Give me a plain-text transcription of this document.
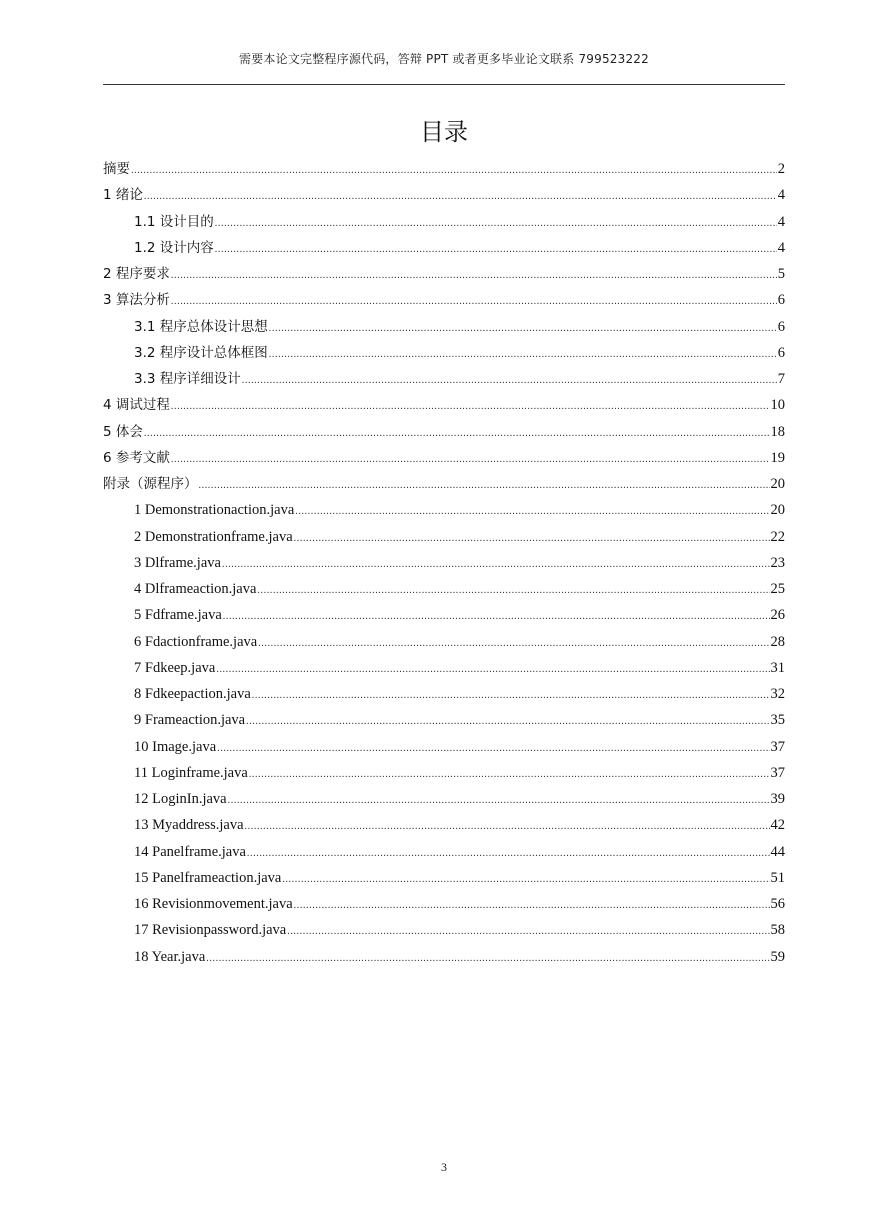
需要本论文完整程序源代码，答辩 PPT 或者更多毕业论文联系 799523222
目录
摘要 .....	2
1 绪论 .....	4
1.1 设计目的 .....	4
1.2 设计内容 .....	4
2 程序要求 .....	5
3 算法分析 .....	6
3.1 程序总体设计思想 .....	6
3.2 程序设计总体框图 .....	6
3.3 程序详细设计 .....	7
4 调试过程 .....	10
5 体会 .....	18
6 参考文献 .....	19
附录（源程序） .....	20
1 Demonstrationaction.java .....	20
2 Demonstrationframe.java .....	22
3 Dlframe.java .....	23
4 Dlframeaction.java .....	25
5 Fdframe.java .....	26
6 Fdactionframe.java .....	28
7 Fdkeep.java .....	31
8 Fdkeepaction.java .....	32
9 Frameaction.java .....	35
10 Image.java .....	37
11 Loginframe.java .....	37
12 LoginIn.java .....	39
13 Myaddress.java .....	42
14 Panelframe.java .....	44
15 Panelframeaction.java .....	51
16 Revisionmovement.java .....	56
17 Revisionpassword.java .....	58
18 Year.java .....	59
3
